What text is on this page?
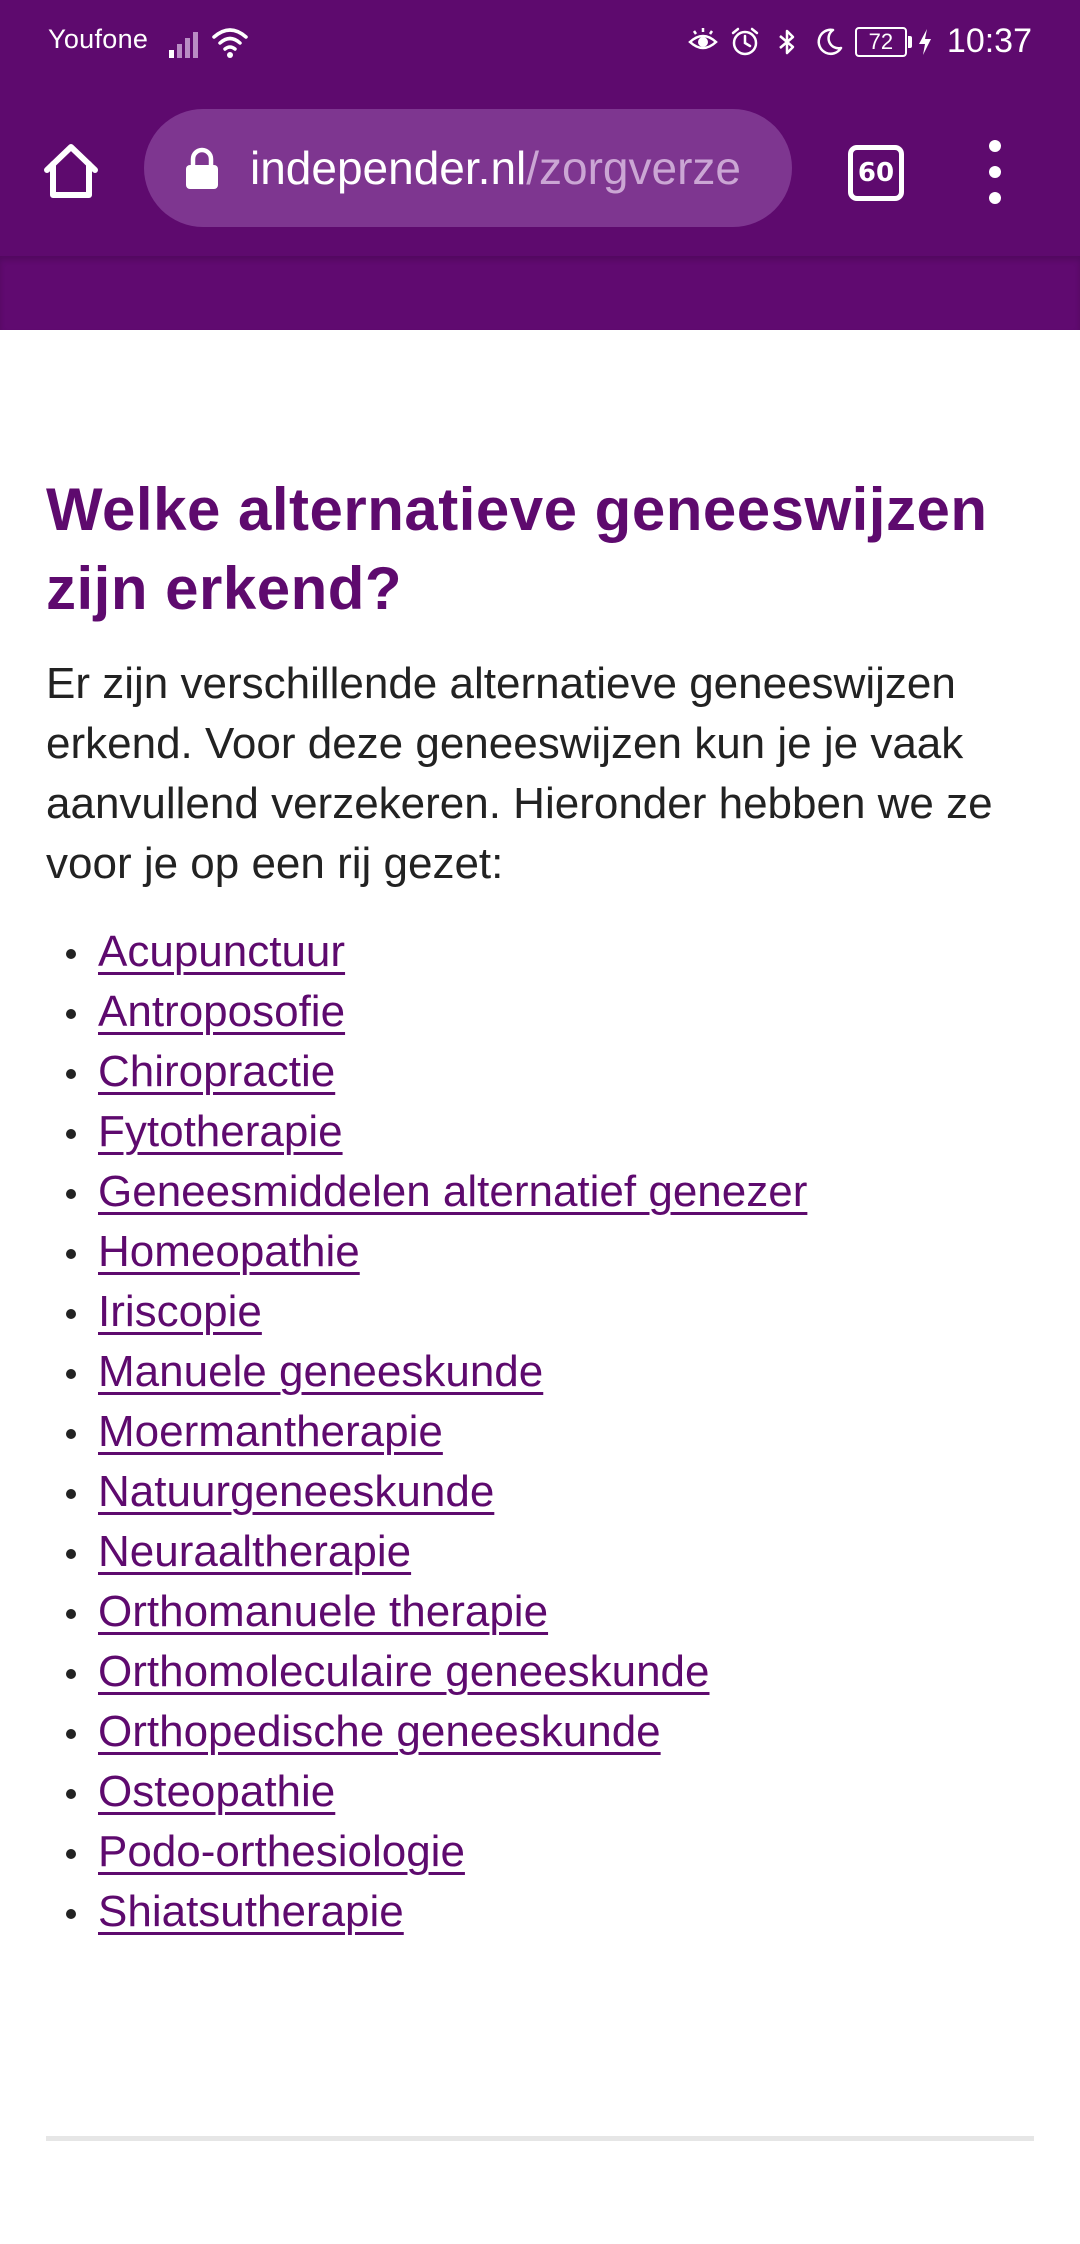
Youfone	72	10:37
independer.nl/zorgverze	60
Welke alternatieve geneeswijzen zijn erkend?

Er zijn verschillende alternatieve geneeswijzen erkend. Voor deze geneeswijzen kun je je vaak aanvullend verzekeren. Hieronder hebben we ze voor je op een rij gezet:

Acupunctuur
Antroposofie
Chiropractie
Fytotherapie
Geneesmiddelen alternatief genezer
Homeopathie
Iriscopie
Manuele geneeskunde
Moermantherapie
Natuurgeneeskunde
Neuraaltherapie
Orthomanuele therapie
Orthomoleculaire geneeskunde
Orthopedische geneeskunde
Osteopathie
Podo-orthesiologie
Shiatsutherapie
